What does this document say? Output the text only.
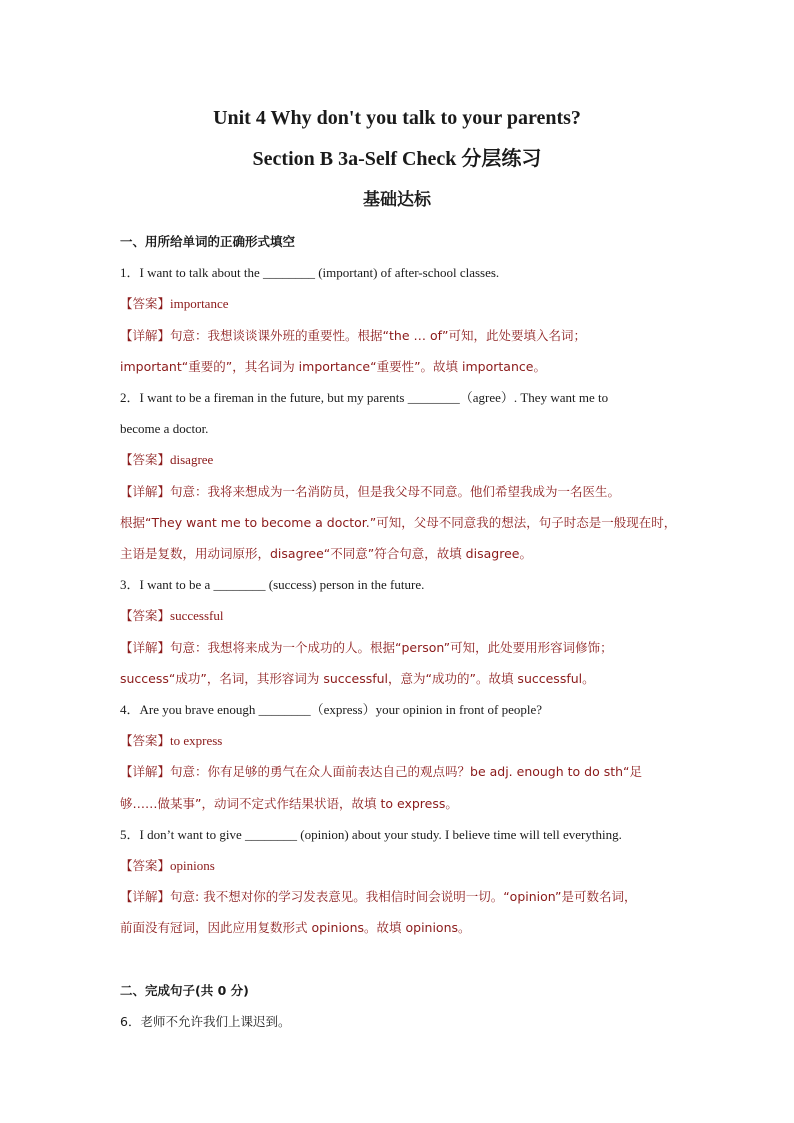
Unit 4 Why don't you talk to your parents?
Section B 3a-Self Check 分层练习
基础达标
一、用所给单词的正确形式填空
1．I want to talk about the ________ (important) of after-school classes.
【答案】importance
【详解】句意：我想谈谈课外班的重要性。根据“the … of”可知，此处要填入名词；
important“重要的”，其名词为 importance“重要性”。故填 importance。
2．I want to be a fireman in the future, but my parents ________（agree）. They want me to
become a doctor.
【答案】disagree
【详解】句意：我将来想成为一名消防员，但是我父母不同意。他们希望我成为一名医生。
根据“They want me to become a doctor.”可知，父母不同意我的想法，句子时态是一般现在时，
主语是复数，用动词原形，disagree“不同意”符合句意，故填 disagree。
3．I want to be a ________ (success) person in the future.
【答案】successful
【详解】句意：我想将来成为一个成功的人。根据“person”可知，此处要用形容词修饰；
success“成功”，名词，其形容词为 successful，意为“成功的”。故填 successful。
4．Are you brave enough ________（express）your opinion in front of people?
【答案】to express
【详解】句意：你有足够的勇气在众人面前表达自己的观点吗？be adj. enough to do sth“足
够……做某事”，动词不定式作结果状语，故填 to express。
5．I don’t want to give ________ (opinion) about your study. I believe time will tell everything.
【答案】opinions
【详解】句意: 我不想对你的学习发表意见。我相信时间会说明一切。“opinion”是可数名词，
前面没有冠词，因此应用复数形式 opinions。故填 opinions。
二、完成句子(共 0 分)
6．老师不允许我们上课迟到。
